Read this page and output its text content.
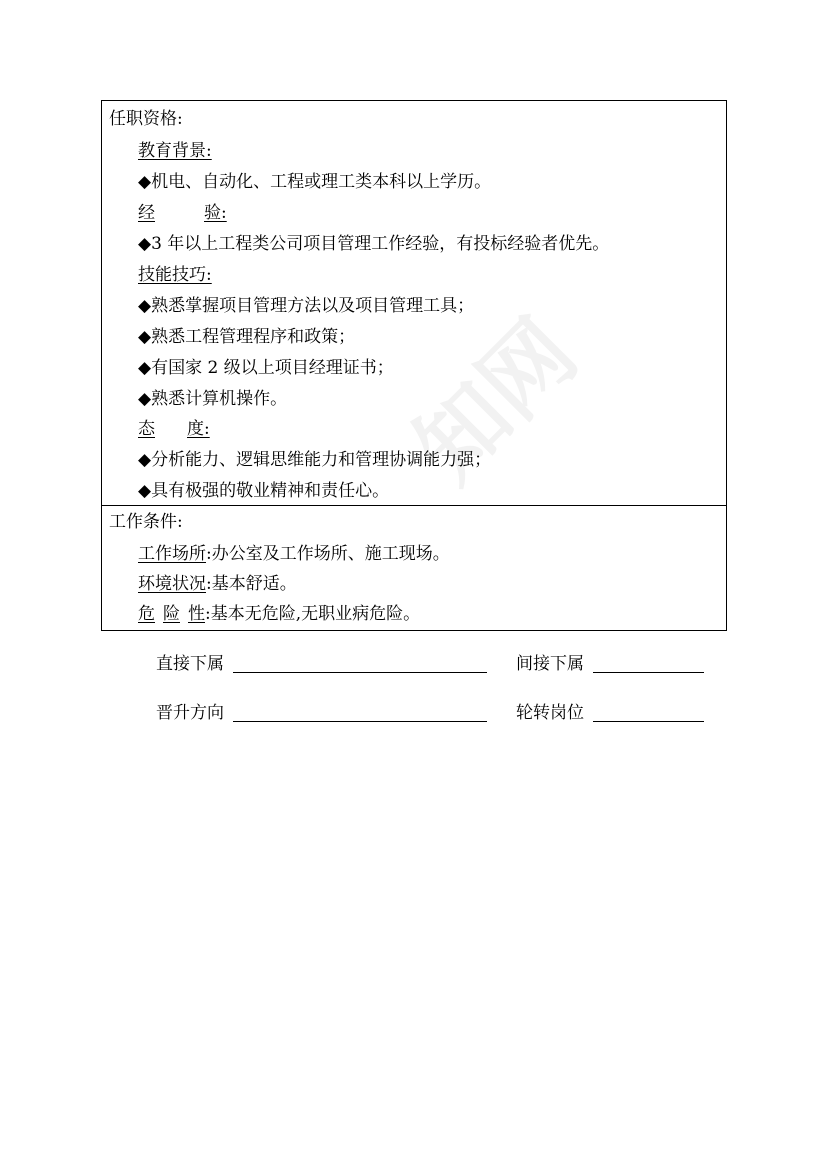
知网
任职资格:
教育背景:
◆机电、自动化、工程或理工类本科以上学历。
经	验:
◆3 年以上工程类公司项目管理工作经验，有投标经验者优先。
技能技巧:
◆熟悉掌握项目管理方法以及项目管理工具；
◆熟悉工程管理程序和政策；
◆有国家 2 级以上项目经理证书；
◆熟悉计算机操作。
态 度:
◆分析能力、逻辑思维能力和管理协调能力强；
◆具有极强的敬业精神和责任心。
工作条件:
工作场所:办公室及工作场所、施工现场。
环境状况:基本舒适。
危 险 性:基本无危险,无职业病危险。
直接下属	间接下属
晋升方向	轮转岗位
